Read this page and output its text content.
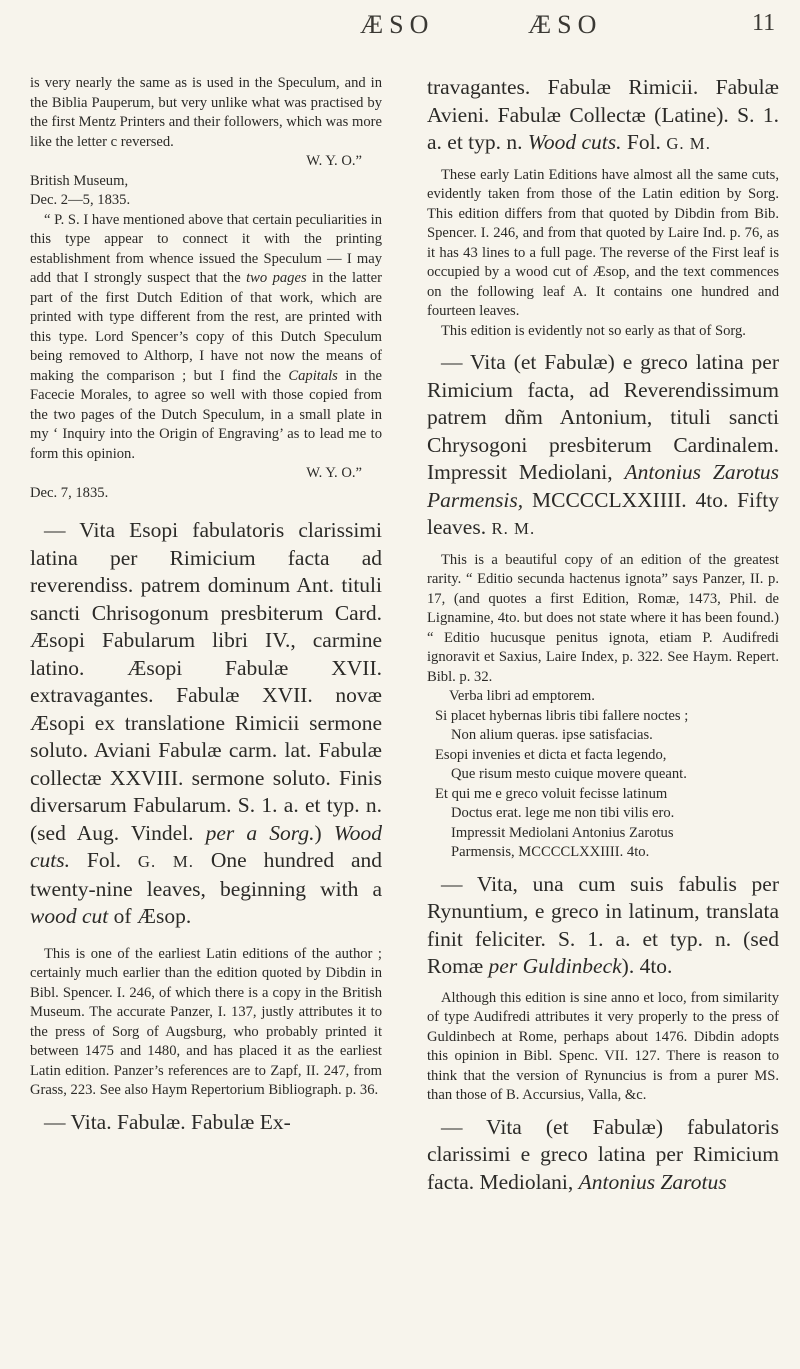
ÆSO	ÆSO	11

is very nearly the same as is used in the Speculum, and in the Biblia Pauperum, but very unlike what was practised by the first Mentz Printers and their followers, which was more like the letter c reversed.

W. Y. O.”

British Museum,

Dec. 2—5, 1835.

“ P. S. I have mentioned above that certain peculiarities in this type appear to connect it with the printing establishment from whence issued the Speculum — I may add that I strongly suspect that the two pages in the latter part of the first Dutch Edition of that work, which are printed with type different from the rest, are printed with this type. Lord Spencer’s copy of this Dutch Speculum being removed to Althorp, I have not now the means of making the comparison ; but I find the Capitals in the Facecie Morales, to agree so well with those copied from the two pages of the Dutch Speculum, in a small plate in my ‘ Inquiry into the Origin of Engraving’ as to lead me to form this opinion.

W. Y. O.”

Dec. 7, 1835.

— Vita Esopi fabulatoris clarissimi latina per Rimicium facta ad reverendiss. patrem dominum Ant. tituli sancti Chrisogonum presbiterum Card. Æsopi Fabularum libri IV., carmine latino. Æsopi Fabulæ XVII. extravagantes. Fabulæ XVII. novæ Æsopi ex translatione Rimicii sermone soluto. Aviani Fabulæ carm. lat. Fabulæ collectæ XXVIII. sermone soluto. Finis diversarum Fabularum. S. 1. a. et typ. n. (sed Aug. Vindel. per a Sorg.) Wood cuts. Fol. G. M. One hundred and twenty-nine leaves, beginning with a wood cut of Æsop.

This is one of the earliest Latin editions of the author ; certainly much earlier than the edition quoted by Dibdin in Bibl. Spencer. I. 246, of which there is a copy in the British Museum. The accurate Panzer, I. 137, justly attributes it to the press of Sorg of Augsburg, who probably printed it between 1475 and 1480, and has placed it as the earliest Latin edition. Panzer’s references are to Zapf, II. 247, from Grass, 223. See also Haym Repertorium Bibliograph. p. 36.

— Vita. Fabulæ. Fabulæ Ex-

travagantes. Fabulæ Rimicii. Fabulæ Avieni. Fabulæ Collectæ (Latine). S. 1. a. et typ. n. Wood cuts. Fol. G. M.

These early Latin Editions have almost all the same cuts, evidently taken from those of the Latin edition by Sorg. This edition differs from that quoted by Dibdin from Bib. Spencer. I. 246, and from that quoted by Laire Ind. p. 76, as it has 43 lines to a full page. The reverse of the First leaf is occupied by a wood cut of Æsop, and the text commences on the following leaf A. It contains one hundred and fourteen leaves.

This edition is evidently not so early as that of Sorg.

— Vita (et Fabulæ) e greco latina per Rimicium facta, ad Reverendissimum patrem dñm Antonium, tituli sancti Chrysogoni presbiterum Cardinalem. Impressit Mediolani, Antonius Zarotus Parmensis, MCCCCLXXIIII. 4to. Fifty leaves. R. M.

This is a beautiful copy of an edition of the greatest rarity. “ Editio secunda hactenus ignota” says Panzer, II. p. 17, (and quotes a first Edition, Romæ, 1473, Phil. de Lignamine, 4to. but does not state where it has been found.) “ Editio hucusque penitus ignota, etiam P. Audifredi ignoravit et Saxius, Laire Index, p. 322. See Haym. Repert. Bibl. p. 32.

Verba libri ad emptorem.
Si placet hybernas libris tibi fallere noctes ;
Non alium queras. ipse satisfacias.
Esopi invenies et dicta et facta legendo,
Que risum mesto cuique movere queant.
Et qui me e greco voluit fecisse latinum
Doctus erat. lege me non tibi vilis ero.
Impressit Mediolani Antonius Zarotus
Parmensis, MCCCCLXXIIII. 4to.

— Vita, una cum suis fabulis per Rynuntium, e greco in latinum, translata finit feliciter. S. 1. a. et typ. n. (sed Romæ per Guldinbeck). 4to.

Although this edition is sine anno et loco, from similarity of type Audifredi attributes it very properly to the press of Guldinbech at Rome, perhaps about 1476. Dibdin adopts this opinion in Bibl. Spenc. VII. 127. There is reason to think that the version of Rynuncius is from a purer MS. than those of B. Accursius, Valla, &c.

— Vita (et Fabulæ) fabulatoris clarissimi e greco latina per Rimicium facta. Mediolani, Antonius Zarotus
